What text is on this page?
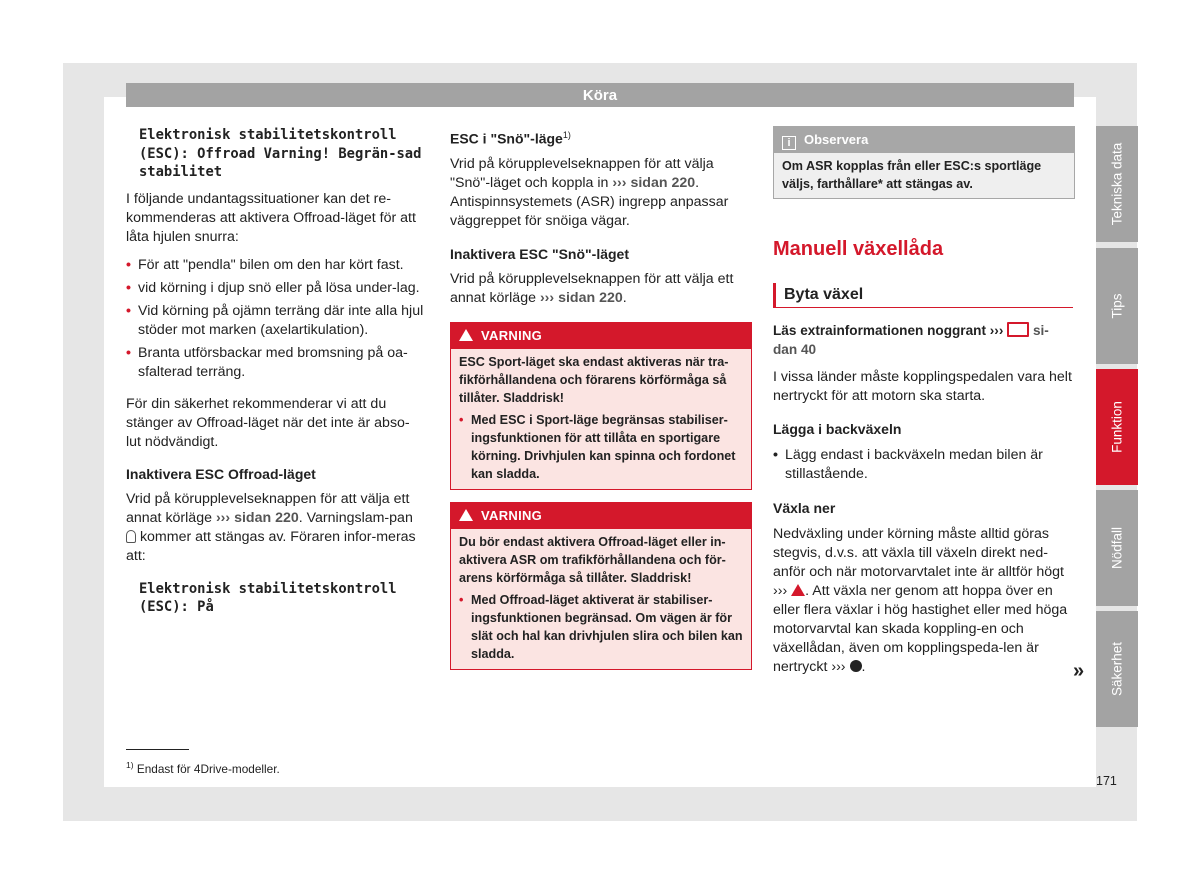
Köra

Elektronisk stabilitetskontroll (ESC): Offroad Varning! Begrän-sad stabilitet

I följande undantagssituationer kan det re-kommenderas att aktivera Offroad-läget för att låta hjulen snurra:

• För att "pendla" bilen om den har kört fast.

• vid körning i djup snö eller på lösa under-lag.

• Vid körning på ojämn terräng där inte alla hjul stöder mot marken (axelartikulation).

• Branta utförsbackar med bromsning på oa-sfalterad terräng.

För din säkerhet rekommenderar vi att du stänger av Offroad-läget när det inte är abso-lut nödvändigt.

Inaktivera ESC Offroad-läget

Vrid på körupplevelseknappen för att välja ett annat körläge ››› sidan 220. Varningslam-pan  kommer att stängas av. Föraren infor-meras att:

Elektronisk stabilitetskontroll (ESC): På

ESC i "Snö"-läge$^{1)}$

Vrid på körupplevelseknappen för att välja "Snö"-läget och koppla in ››› sidan 220. Antispinnsystemets (ASR) ingrepp anpassar väggreppet för snöiga vägar.

Inaktivera ESC "Snö"-läget

Vrid på körupplevelseknappen för att välja ett annat körläge ››› sidan 220.

VARNING

ESC Sport-läget ska endast aktiveras när tra-fikförhållandena och förarens körförmåga så tillåter. Sladdrisk!

• Med ESC i Sport-läge begränsas stabiliser-ingsfunktionen för att tillåta en sportigare körning. Drivhjulen kan spinna och fordonet kan sladda.

VARNING

Du bör endast aktivera Offroad-läget eller in-aktivera ASR om trafikförhållandena och för-arens körförmåga så tillåter. Sladdrisk!

• Med Offroad-läget aktiverat är stabiliser-ingsfunktionen begränsad. Om vägen är för slät och hal kan drivhjulen slira och bilen kan sladda.

i Observera
Om ASR kopplas från eller ESC:s sportläge väljs, farthållare* att stängas av.
Manuell växellåda
Byta växel

Läs extrainformationen noggrant ››› si-
dan 40

I vissa länder måste kopplingspedalen vara helt nertryckt för att motorn ska starta.

Lägga i backväxeln

• Lägg endast i backväxeln medan bilen är stillastående.

Växla ner

Nedväxling under körning måste alltid göras stegvis, d.v.s. att växla till växeln direkt ned-anför och när motorvarvtalet inte är alltför högt ››› . Att växla ner genom att hoppa över en eller flera växlar i hög hastighet eller med höga motorvarvtal kan skada koppling-en och växellådan, även om kopplingspeda-len är nertryckt ››› .	»
Tekniska data
Tips
Funktion
Nödfall
Säkerhet
$^{1)}$ Endast för 4Drive-modeller.
171
